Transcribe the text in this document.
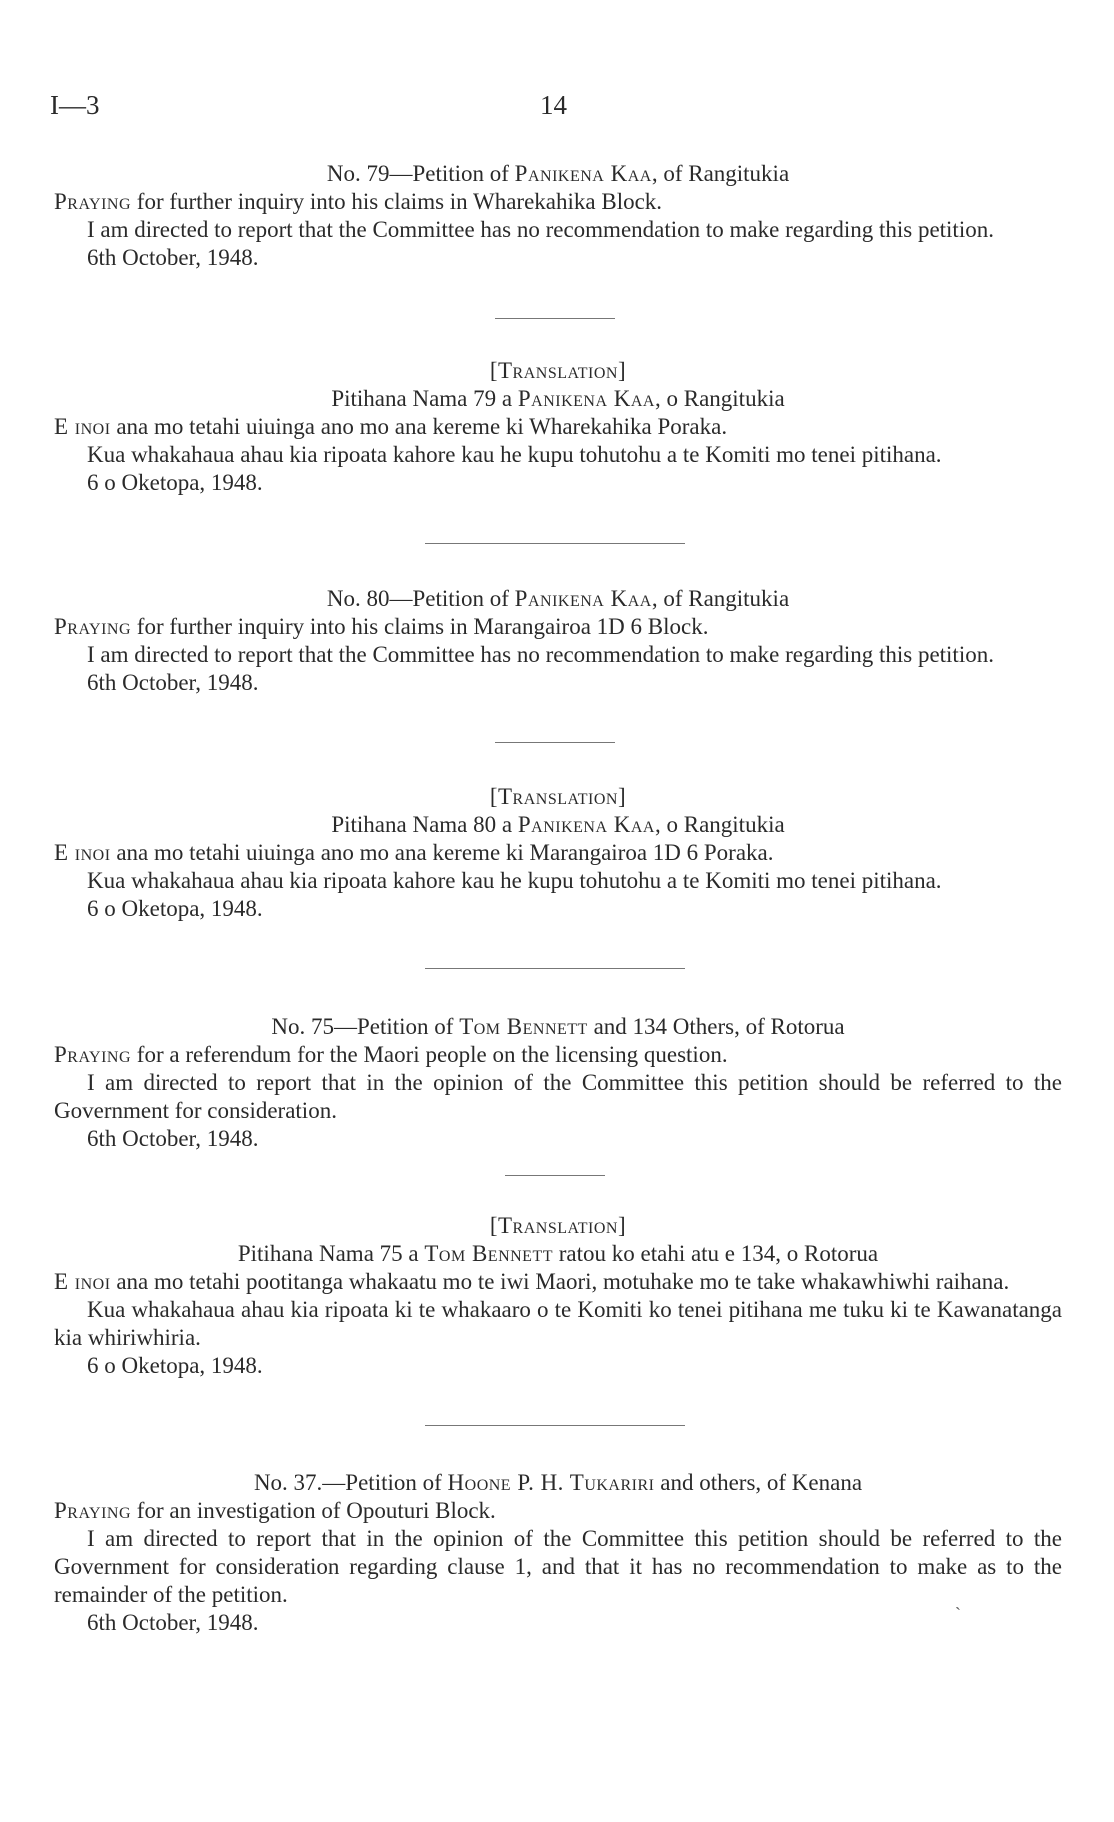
I—3	14

No. 79—Petition of Panikena Kaa, of Rangitukia

Praying for further inquiry into his claims in Wharekahika Block.

I am directed to report that the Committee has no recommendation to make regarding this petition.

6th October, 1948.

[Translation]

Pitihana Nama 79 a Panikena Kaa, o Rangitukia

E inoi ana mo tetahi uiuinga ano mo ana kereme ki Wharekahika Poraka.

Kua whakahaua ahau kia ripoata kahore kau he kupu tohutohu a te Komiti mo tenei pitihana.

6 o Oketopa, 1948.

No. 80—Petition of Panikena Kaa, of Rangitukia

Praying for further inquiry into his claims in Marangairoa 1D 6 Block.

I am directed to report that the Committee has no recommendation to make regarding this petition.

6th October, 1948.

[Translation]

Pitihana Nama 80 a Panikena Kaa, o Rangitukia

E inoi ana mo tetahi uiuinga ano mo ana kereme ki Marangairoa 1D 6 Poraka.

Kua whakahaua ahau kia ripoata kahore kau he kupu tohutohu a te Komiti mo tenei pitihana.

6 o Oketopa, 1948.

No. 75—Petition of Tom Bennett and 134 Others, of Rotorua

Praying for a referendum for the Maori people on the licensing question.

I am directed to report that in the opinion of the Committee this petition should be referred to the Government for consideration.

6th October, 1948.

[Translation]

Pitihana Nama 75 a Tom Bennett ratou ko etahi atu e 134, o Rotorua

E inoi ana mo tetahi pootitanga whakaatu mo te iwi Maori, motuhake mo te take whakawhiwhi raihana.

Kua whakahaua ahau kia ripoata ki te whakaaro o te Komiti ko tenei pitihana me tuku ki te Kawanatanga kia whiriwhiria.

6 o Oketopa, 1948.

No. 37.—Petition of Hoone P. H. Tukariri and others, of Kenana

Praying for an investigation of Opouturi Block.

I am directed to report that in the opinion of the Committee this petition should be referred to the Government for consideration regarding clause 1, and that it has no recommendation to make as to the remainder of the petition.

6th October, 1948.

ˏ
